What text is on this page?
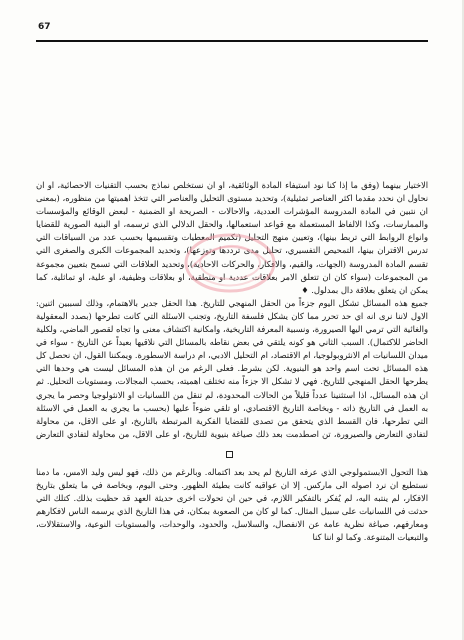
67
الاختيار بينهما (وفق ما إذا كنا نود استيفاء المادة الوثائقية، او ان نستخلص نماذج بحسب التقنيات الاحصائية، او ان نحاول ان نحدد مقدما اكثر العناصر تمثيلية)، وتحديد مستوى التحليل والعناصر التي تتخذ اهميتها من منظوره، (بمعنى ان نتبين في المادة المدروسة المؤشرات العددية، والاحالات - الصريحة او الضمنية - لبعض الوقائع والمؤسسات والممارسات، وكذا الالفاظ المستعملة مع قواعد استعمالها، والحقل الدلالي الذي ترسمه، او البنية الصورية للقضايا وانواع الروابط التي تربط بينها)، وتعيين منهج التحليل (تكميم المعطيات وتقسيمها بحسب عدد من السياقات التي تدرس الاقتران بينها، التمحيص التفسيري، تحليل مدى ترددها وتوزعها)، وتحديد المجموعات الكبرى والصغرى التي تقسم المادة المدروسة (الجهات، والقيم، والافكار، والحركات الاحادية)، وتحديد العلاقات التي تسمح بتعيين مجموعة من المجموعات (سواء كان ان تتعلق الامر بعلاقات عددية او منطقية، او بعلاقات وظيفية، او علية، او تماثلية، كما يمكن ان يتعلق بعلاقة دال بمدلول. ♦
جميع هذه المسائل تشكل اليوم جزءاً من الحقل المنهجي للتاريخ. هذا الحقل جدير بالاهتمام، وذلك لسببين اثنين: الاول لاننا نرى انه اي حد تحرر مما كان يشكل فلسفة التاريخ، وتجنب الاسئلة التي كانت تطرحها (بصدد المعقولية والغائية التي ترمي اليها الصيرورة، ونسبية المعرفة التاريخية، وامكانية اكتشاف معنى وا تجاه لقصور الماضي، ولكلية الحاضر للاكتمال). السبب الثاني هو كونه يلتقي في بعض نقاطه بالمسائل التي نلاقيها بعيداً عن التاريخ - سواء في ميدان اللسانيات ام الانثروبولوجيا، ام الاقتصاد، ام التحليل الادبي، ام دراسة الاسطورة. ويمكننا القول، ان نحصل كل هذه المسائل تحت اسم واحد هو البنيوية. لكن بشرط. فعلى الرغم من ان هذه المسائل ليست هي وحدها التي يطرحها الحقل المنهجي للتاريخ. فهي لا تشكل الا جزءاً منه تختلف اهميته، بحسب المجالات، ومستويات التحليل. ثم ان هذه المسائل، اذا استثنينا عدداً قليلاً من الحالات المحدودة، لم تنقل من اللسانيات او الانثولوجيا وحصر ما يجري به العمل في التاريخ ذاته - وبخاصة التاريخ الاقتصادي، او تلقي ضوءاً عليها (بحسب ما يجري به العمل في الاسئلة التي تطرحها، فان القسط الذي يتحقق من تصدى للقضايا الفكرية المرتبطة بالتاريخ، او على الاقل، من محاولة لتفادي التعارض والصيرورة، تن اصطدمت بعد ذلك صياغة بنيوية للتاريخ، او على الاقل، من محاولة لتفادي التعارض
هذا التحول الابستمولوجي الذي عرفه التاريخ لم يحد بعد اكتماله. وبالرغم من ذلك، فهو ليس وليد الامس، ما دمنا نستطيع ان نرد اصوله الى ماركس. إلا ان عواقبه كانت بطيئة الظهور. وحتى اليوم، وبخاصة في ما يتعلق بتاريخ الافكار، لم ينتبه اليه، لم يُفكر بالتفكير اللازم، في حين ان تحولات اخرى حديثة العهد قد حظيت بذلك. كتلك التي حدثت في اللسانيات على سبيل المثال. كما لو كان من الصعوبة بمكان، في هذا التاريخ الذي يرسمه الناس لافكارهم ومعارفهم، صياغة نظرية عامة عن الانفصال، والسلاسل، والحدود، والوحدات، والمستويات النوعية، والاستقلالات، والتبعيات المتنوعة. وكما لو اننا كنا
